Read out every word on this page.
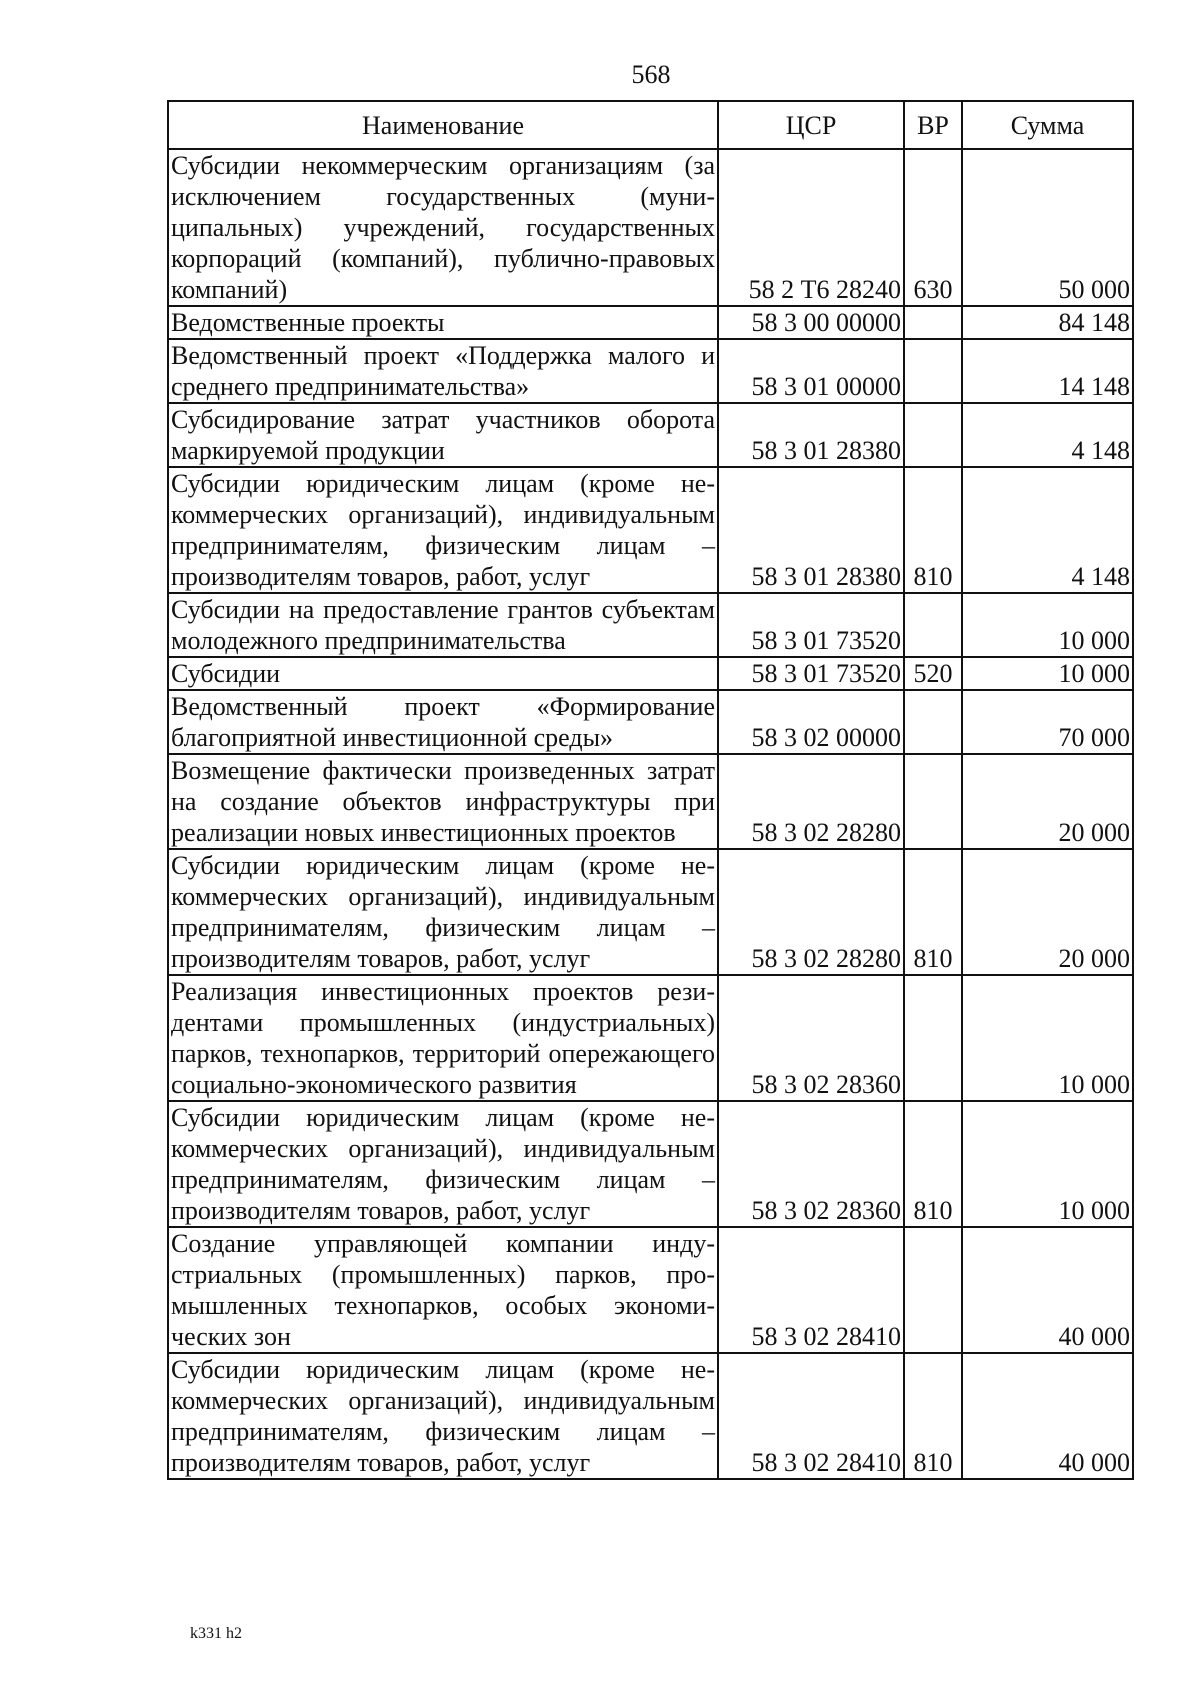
568
Наименование	ЦСР	ВР	Сумма
Субсидии некоммерческим организациям (за исключением государственных (муниципальных) учреждений, государственных корпораций (компаний), публично-правовых компаний)	58 2 Т6 28240	630	50 000
Ведомственные проекты	58 3 00 00000		84 148
Ведомственный проект «Поддержка малого и среднего предпринимательства»	58 3 01 00000		14 148
Субсидирование затрат участников оборота маркируемой продукции	58 3 01 28380		4 148
Субсидии юридическим лицам (кроме некоммерческих организаций), индивидуальным предпринимателям, физическим лицам – производителям товаров, работ, услуг	58 3 01 28380	810	4 148
Субсидии на предоставление грантов субъектам молодежного предпринимательства	58 3 01 73520		10 000
Субсидии	58 3 01 73520	520	10 000
Ведомственный проект «Формирование благоприятной инвестиционной среды»	58 3 02 00000		70 000
Возмещение фактически произведенных затрат на создание объектов инфраструктуры при реализации новых инвестиционных проектов	58 3 02 28280		20 000
Субсидии юридическим лицам (кроме некоммерческих организаций), индивидуальным предпринимателям, физическим лицам – производителям товаров, работ, услуг	58 3 02 28280	810	20 000
Реализация инвестиционных проектов резидентами промышленных (индустриальных) парков, технопарков, территорий опережающего социально-экономического развития	58 3 02 28360		10 000
Субсидии юридическим лицам (кроме некоммерческих организаций), индивидуальным предпринимателям, физическим лицам – производителям товаров, работ, услуг	58 3 02 28360	810	10 000
Создание управляющей компании индустриальных (промышленных) парков, промышленных технопарков, особых экономических зон	58 3 02 28410		40 000
Субсидии юридическим лицам (кроме некоммерческих организаций), индивидуальным предпринимателям, физическим лицам – производителям товаров, работ, услуг	58 3 02 28410	810	40 000
k331 h2
